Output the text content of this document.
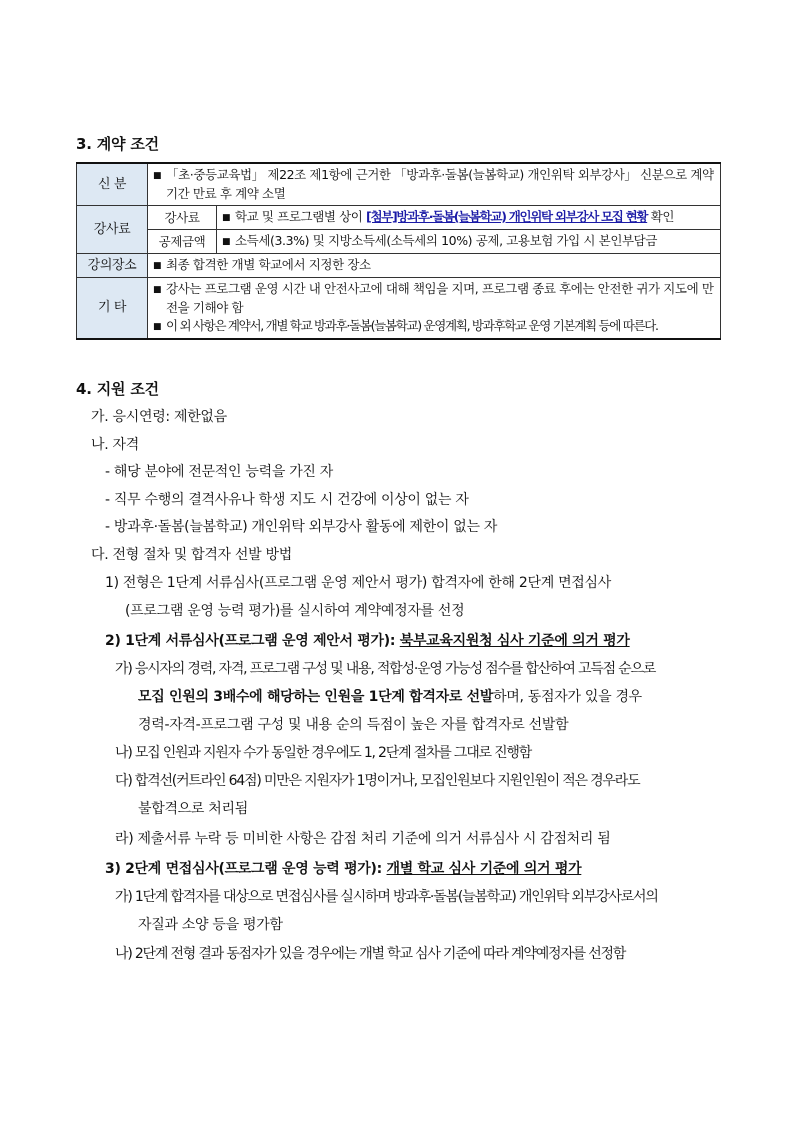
3. 계약 조건
신 분	■ 「초·중등교육법」 제22조 제1항에 근거한 「방과후·돌봄(늘봄학교) 개인위탁 외부강사」 신분으로 계약기간 만료 후 계약 소멸	

강사료	강사료	■ 학교 및 프로그램별 상이 [첨부]방과후·돌봄(늘봄학교) 개인위탁 외부강사 모집 현황 확인
	공제금액	■ 소득세(3.3%) 및 지방소득세(소득세의 10%) 공제, 고용보험 가입 시 본인부담금
강의장소	■ 최종 합격한 개별 학교에서 지정한 장소	
기 타	■ 강사는 프로그램 운영 시간 내 안전사고에 대해 책임을 지며, 프로그램 종료 후에는 안전한 귀가 지도에 만전을 기해야 함
■ 이 외 사항은 계약서, 개별 학교 방과후·돌봄(늘봄학교) 운영계획, 방과후학교 운영 기본계획 등에 따른다.	
4. 지원 조건
가. 응시연령: 제한없음
나. 자격
- 해당 분야에 전문적인 능력을 가진 자
- 직무 수행의 결격사유나 학생 지도 시 건강에 이상이 없는 자
- 방과후·돌봄(늘봄학교) 개인위탁 외부강사 활동에 제한이 없는 자
다. 전형 절차 및 합격자 선발 방법
1) 전형은 1단계 서류심사(프로그램 운영 제안서 평가) 합격자에 한해 2단계 면접심사
(프로그램 운영 능력 평가)를 실시하여 계약예정자를 선정
2) 1단계 서류심사(프로그램 운영 제안서 평가): 북부교육지원청 심사 기준에 의거 평가
가) 응시자의 경력, 자격, 프로그램 구성 및 내용, 적합성·운영 가능성 점수를 합산하여 고득점 순으로
모집 인원의 3배수에 해당하는 인원을 1단계 합격자로 선발하며, 동점자가 있을 경우
경력-자격-프로그램 구성 및 내용 순의 득점이 높은 자를 합격자로 선발함
나) 모집 인원과 지원자 수가 동일한 경우에도 1, 2단계 절차를 그대로 진행함
다) 합격선(커트라인 64점) 미만은 지원자가 1명이거나, 모집인원보다 지원인원이 적은 경우라도
불합격으로 처리됨
라) 제출서류 누락 등 미비한 사항은 감점 처리 기준에 의거 서류심사 시 감점처리 됨
3) 2단계 면접심사(프로그램 운영 능력 평가): 개별 학교 심사 기준에 의거 평가
가) 1단계 합격자를 대상으로 면접심사를 실시하며 방과후·돌봄(늘봄학교) 개인위탁 외부강사로서의
자질과 소양 등을 평가함
나) 2단계 전형 결과 동점자가 있을 경우에는 개별 학교 심사 기준에 따라 계약예정자를 선정함
